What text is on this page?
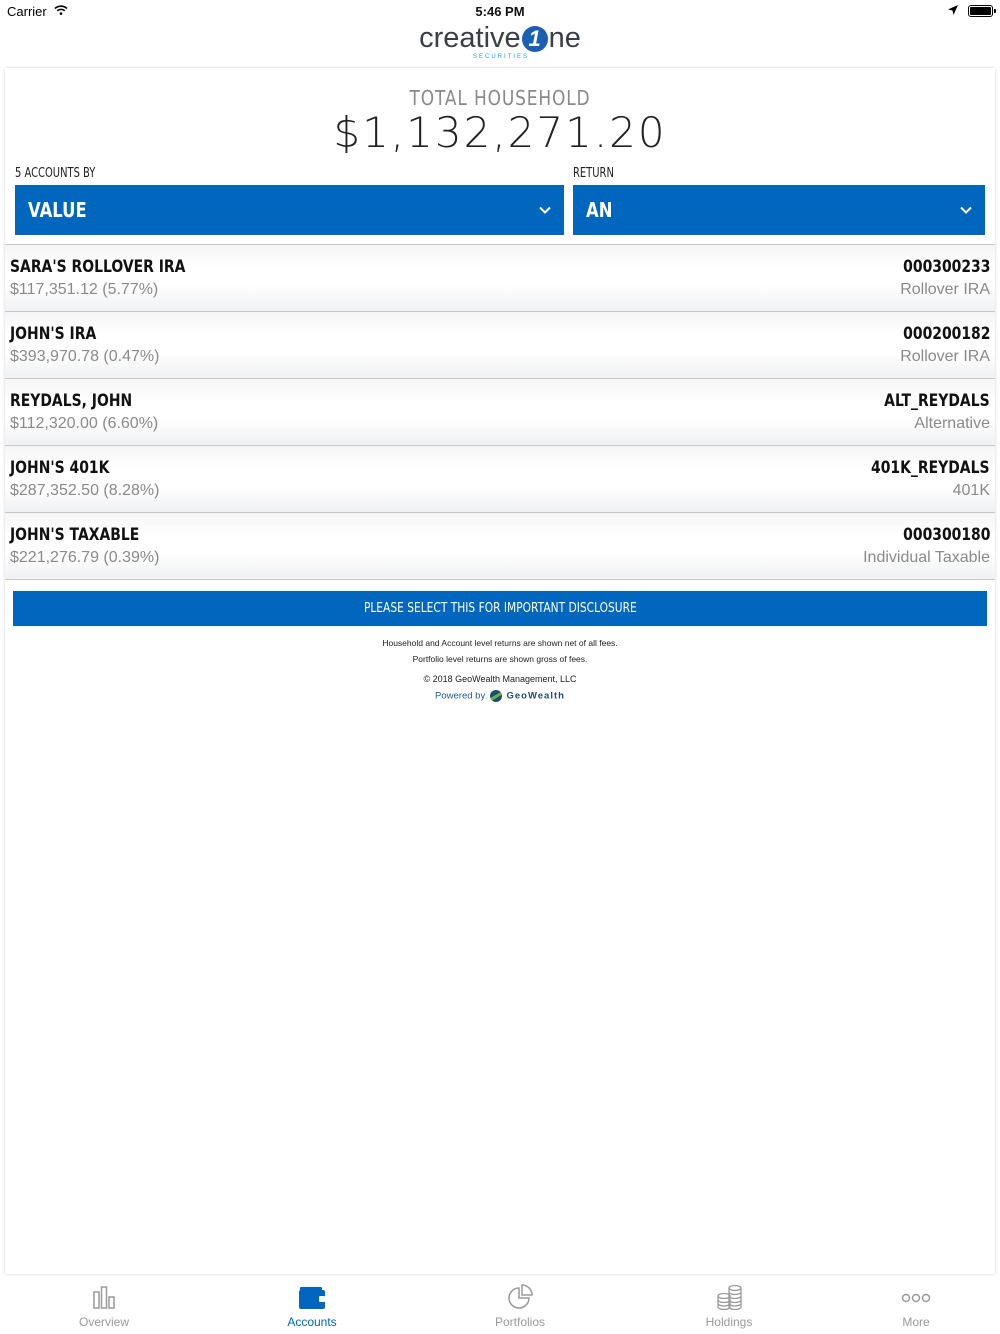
Carrier	5:46 PM
creative 1 ne
SECURITIES
TOTAL HOUSEHOLD
$1,132,271.20
5 ACCOUNTS BY
VALUE
RETURN
AN
SARA'S ROLLOVER IRA
$117,351.12 (5.77%)
000300233
Rollover IRA
JOHN'S IRA
$393,970.78 (0.47%)
000200182
Rollover IRA
REYDALS, JOHN
$112,320.00 (6.60%)
ALT_REYDALS
Alternative
JOHN'S 401K
$287,352.50 (8.28%)
401K_REYDALS
401K
JOHN'S TAXABLE
$221,276.79 (0.39%)
000300180
Individual Taxable
PLEASE SELECT THIS FOR IMPORTANT DISCLOSURE
Household and Account level returns are shown net of all fees.
Portfolio level returns are shown gross of fees.
© 2018 GeoWealth Management, LLC
Powered by GeoWealth
Overview	Accounts	Portfolios	Holdings	More
